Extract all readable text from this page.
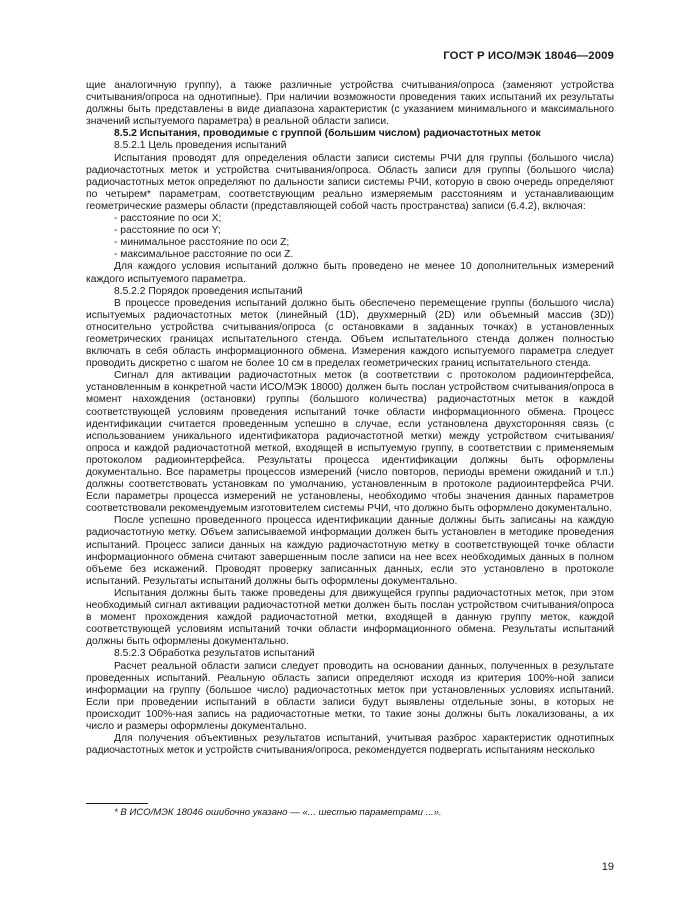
ГОСТ Р ИСО/МЭК 18046—2009

щие аналогичную группу), а также различные устройства считывания/опроса (заменяют устройства считывания/опроса на однотипные). При наличии возможности проведения таких испытаний их результаты должны быть представлены в виде диапазона характеристик (с указанием минимального и максимального значений испытуемого параметра) в реальной области записи.

8.5.2 Испытания, проводимые с группой (большим числом) радиочастотных меток

8.5.2.1 Цель проведения испытаний

Испытания проводят для определения области записи системы РЧИ для группы (большого числа) радиочастотных меток и устройства считывания/опроса. Область записи для группы (большого числа) радиочастотных меток определяют по дальности записи системы РЧИ, которую в свою очередь определяют по четырем* параметрам, соответствующим реально измеряемым расстояниям и устанавливающим геометрические размеры области (представляющей собой часть пространства) записи (6.4.2), включая:

- расстояние по оси X;

- расстояние по оси Y;

- минимальное расстояние по оси Z;

- максимальное расстояние по оси Z.

Для каждого условия испытаний должно быть проведено не менее 10 дополнительных измерений каждого испытуемого параметра.

8.5.2.2 Порядок проведения испытаний

В процессе проведения испытаний должно быть обеспечено перемещение группы (большого числа) испытуемых радиочастотных меток (линейный (1D), двухмерный (2D) или объемный массив (3D)) относительно устройства считывания/опроса (с остановками в заданных точках) в установленных геометрических границах испытательного стенда. Объем испытательного стенда должен полностью включать в себя область информационного обмена. Измерения каждого испытуемого параметра следует проводить дискретно с шагом не более 10 см в пределах геометрических границ испытательного стенда.

Сигнал для активации радиочастотных меток (в соответствии с протоколом радиоинтерфейса, установленным в конкретной части ИСО/МЭК 18000) должен быть послан устройством считывания/опроса в момент нахождения (остановки) группы (большого количества) радиочастотных меток в каждой соответствующей условиям проведения испытаний точке области информационного обмена. Процесс идентификации считается проведенным успешно в случае, если установлена двухсторонняя связь (с использованием уникального идентификатора радиочастотной метки) между устройством считывания/опроса и каждой радиочастотной меткой, входящей в испытуемую группу, в соответствии с применяемым протоколом радиоинтерфейса. Результаты процесса идентификации должны быть оформлены документально. Все параметры процессов измерений (число повторов, периоды времени ожиданий и т.п.) должны соответствовать установкам по умолчанию, установленным в протоколе радиоинтерфейса РЧИ. Если параметры процесса измерений не установлены, необходимо чтобы значения данных параметров соответствовали рекомендуемым изготовителем системы РЧИ, что должно быть оформлено документально.

После успешно проведенного процесса идентификации данные должны быть записаны на каждую радиочастотную метку. Объем записываемой информации должен быть установлен в методике проведения испытаний. Процесс записи данных на каждую радиочастотную метку в соответствующей точке области информационного обмена считают завершенным после записи на нее всех необходимых данных в полном объеме без искажений. Проводят проверку записанных данных, если это установлено в протоколе испытаний. Результаты испытаний должны быть оформлены документально.

Испытания должны быть также проведены для движущейся группы радиочастотных меток, при этом необходимый сигнал активации радиочастотной метки должен быть послан устройством считывания/опроса в момент прохождения каждой радиочастотной метки, входящей в данную группу меток, каждой соответствующей условиям испытаний точки области информационного обмена. Результаты испытаний должны быть оформлены документально.

8.5.2.3 Обработка результатов испытаний

Расчет реальной области записи следует проводить на основании данных, полученных в результате проведенных испытаний. Реальную область записи определяют исходя из критерия 100%-ной записи информации на группу (большое число) радиочастотных меток при установленных условиях испытаний. Если при проведении испытаний в области записи будут выявлены отдельные зоны, в которых не происходит 100%-ная запись на радиочастотные метки, то такие зоны должны быть локализованы, а их число и размеры оформлены документально.

Для получения объективных результатов испытаний, учитывая разброс характеристик однотипных радиочастотных меток и устройств считывания/опроса, рекомендуется подвергать испытаниям несколько

* В ИСО/МЭК 18046 ошибочно указано — «... шестью параметрами ...».
19
